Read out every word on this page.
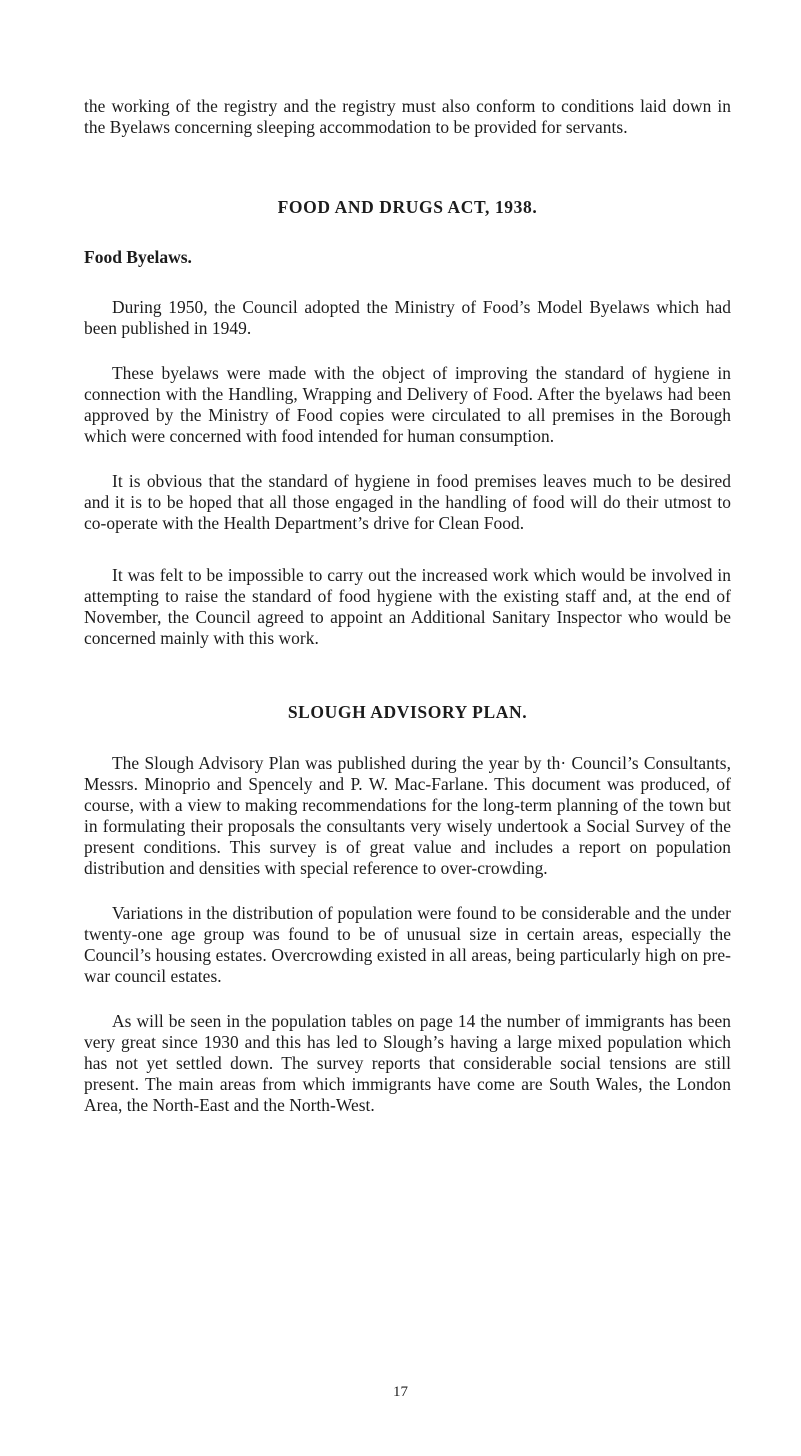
the working of the registry and the registry must also conform to conditions laid down in the Byelaws concerning sleeping accommodation to be provided for servants.

FOOD AND DRUGS ACT, 1938.
Food Byelaws.

During 1950, the Council adopted the Ministry of Food’s Model Byelaws which had been published in 1949.

These byelaws were made with the object of improving the standard of hygiene in connection with the Handling, Wrapping and Delivery of Food. After the byelaws had been approved by the Ministry of Food copies were circulated to all premises in the Borough which were concerned with food intended for human consumption.

It is obvious that the standard of hygiene in food premises leaves much to be desired and it is to be hoped that all those engaged in the handling of food will do their utmost to co-operate with the Health Department’s drive for Clean Food.

It was felt to be impossible to carry out the increased work which would be involved in attempting to raise the standard of food hygiene with the existing staff and, at the end of November, the Council agreed to appoint an Additional Sanitary Inspector who would be concerned mainly with this work.

SLOUGH ADVISORY PLAN.

The Slough Advisory Plan was published during the year by th· Council’s Consultants, Messrs. Minoprio and Spencely and P. W. Mac-Farlane. This document was produced, of course, with a view to making recommendations for the long-term planning of the town but in formulating their proposals the consultants very wisely undertook a Social Survey of the present conditions. This survey is of great value and includes a report on population distribution and densities with special reference to over-crowding.

Variations in the distribution of population were found to be considerable and the under twenty-one age group was found to be of unusual size in certain areas, especially the Council’s housing estates. Overcrowding existed in all areas, being particularly high on pre-war council estates.

As will be seen in the population tables on page 14 the number of immigrants has been very great since 1930 and this has led to Slough’s having a large mixed population which has not yet settled down. The survey reports that considerable social tensions are still present. The main areas from which immigrants have come are South Wales, the London Area, the North-East and the North-West.

17
